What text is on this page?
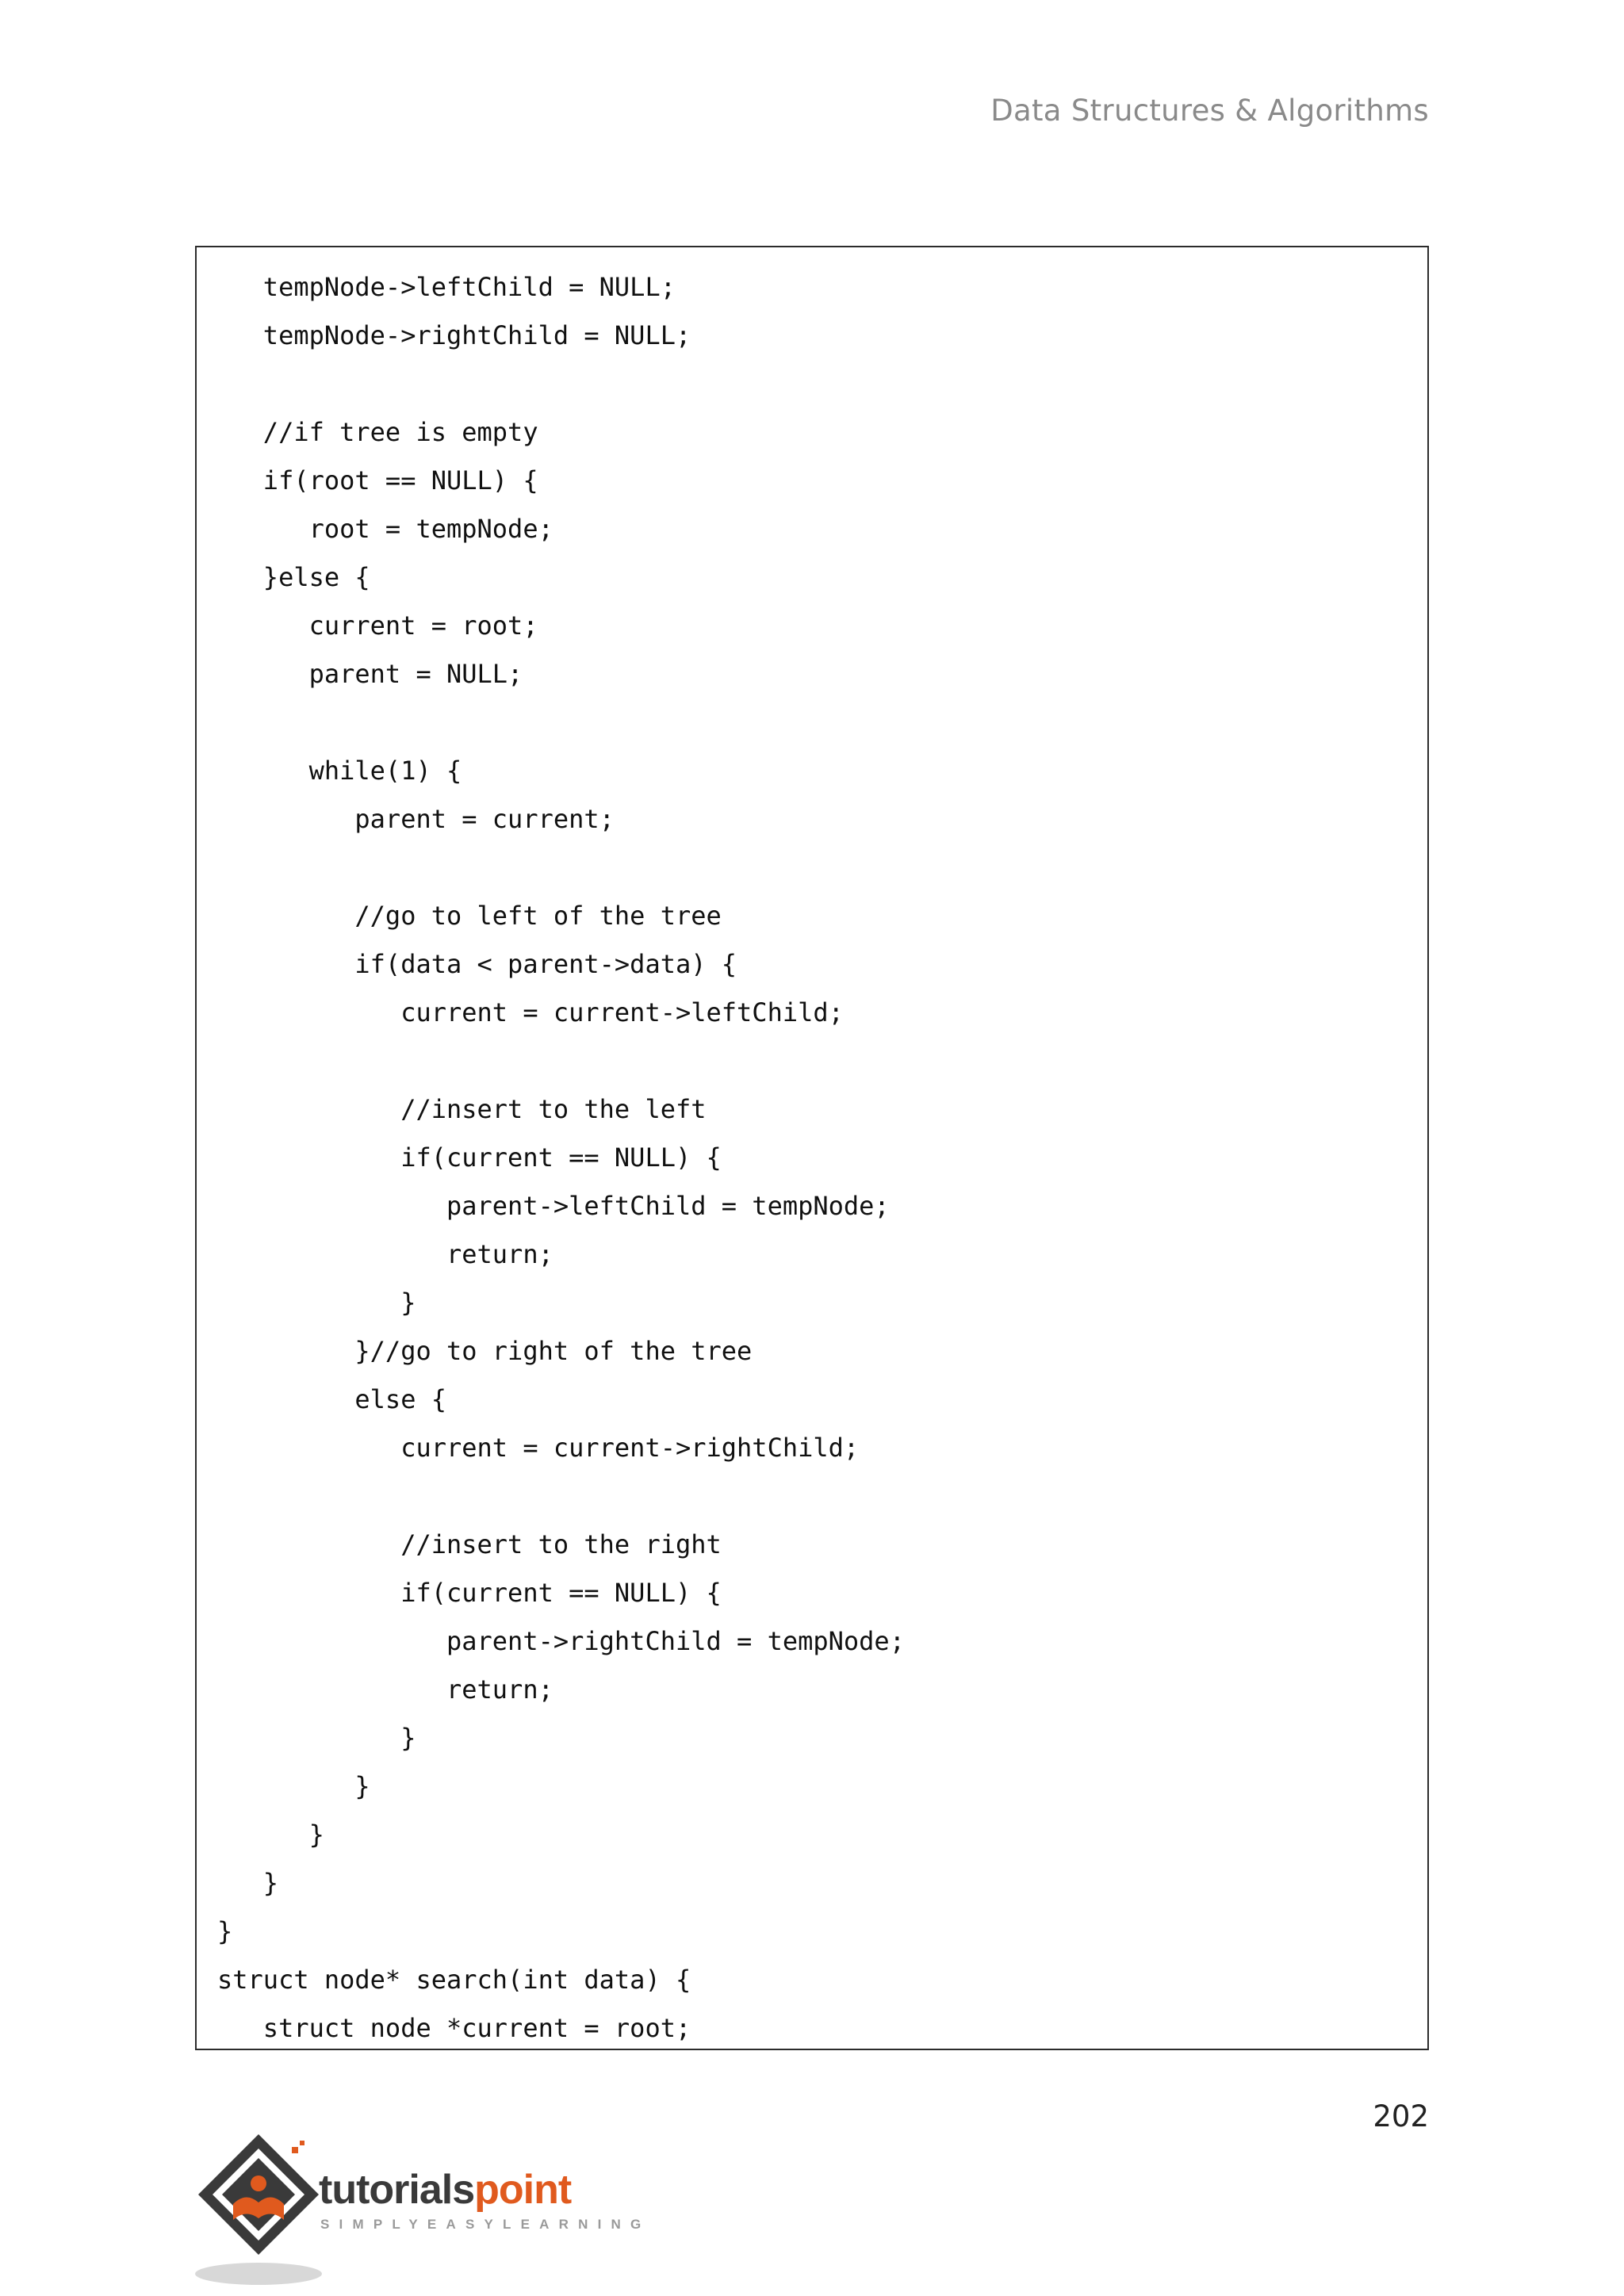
Data Structures & Algorithms
tempNode->leftChild = NULL;
tempNode->rightChild = NULL;
//if tree is empty
if(root == NULL) {
root = tempNode;
}else {
current = root;
parent = NULL;
while(1) {
parent = current;
//go to left of the tree
if(data < parent->data) {
current = current->leftChild;
//insert to the left
if(current == NULL) {
parent->leftChild = tempNode;
return;
}
}//go to right of the tree
else {
current = current->rightChild;
//insert to the right
if(current == NULL) {
parent->rightChild = tempNode;
return;
}
}
}
}
}
struct node* search(int data) {
struct node *current = root;
202
tutorialspoint
SIMPLYEASYLEARNING
